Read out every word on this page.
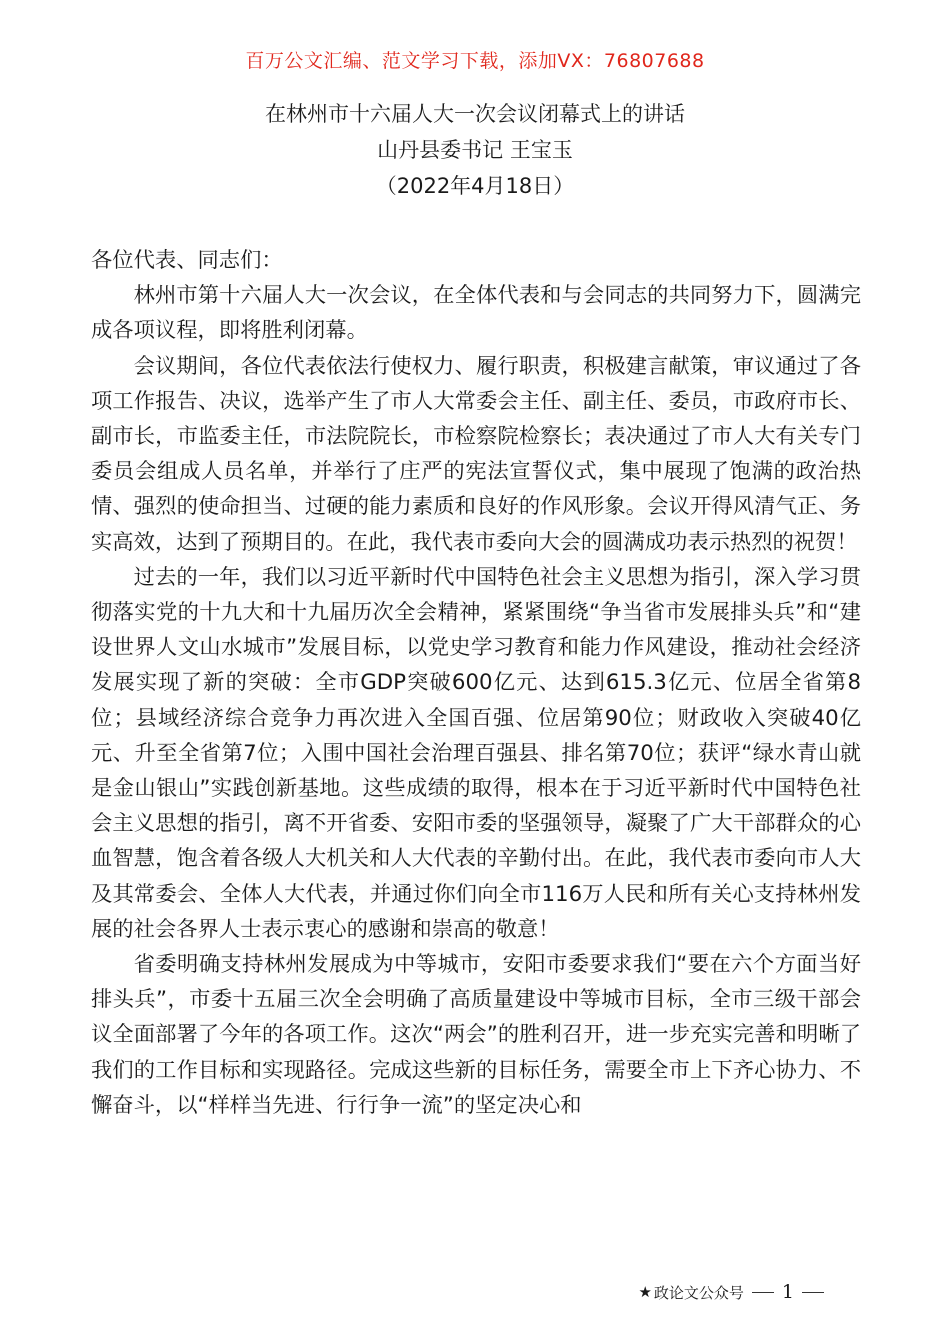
百万公文汇编、范文学习下载，添加VX：76807688
在林州市十六届人大一次会议闭幕式上的讲话
山丹县委书记 王宝玉
（2022年4月18日）

各位代表、同志们：

林州市第十六届人大一次会议，在全体代表和与会同志的共同努力下，圆满完成各项议程，即将胜利闭幕。

会议期间，各位代表依法行使权力、履行职责，积极建言献策，审议通过了各项工作报告、决议，选举产生了市人大常委会主任、副主任、委员，市政府市长、副市长，市监委主任，市法院院长，市检察院检察长；表决通过了市人大有关专门委员会组成人员名单，并举行了庄严的宪法宣誓仪式，集中展现了饱满的政治热情、强烈的使命担当、过硬的能力素质和良好的作风形象。会议开得风清气正、务实高效，达到了预期目的。在此，我代表市委向大会的圆满成功表示热烈的祝贺！

过去的一年，我们以习近平新时代中国特色社会主义思想为指引，深入学习贯彻落实党的十九大和十九届历次全会精神，紧紧围绕“争当省市发展排头兵”和“建设世界人文山水城市”发展目标，以党史学习教育和能力作风建设，推动社会经济发展实现了新的突破：全市GDP突破600亿元、达到615.3亿元、位居全省第8位；县域经济综合竞争力再次进入全国百强、位居第90位；财政收入突破40亿元、升至全省第7位；入围中国社会治理百强县、排名第70位；获评“绿水青山就是金山银山”实践创新基地。这些成绩的取得，根本在于习近平新时代中国特色社会主义思想的指引，离不开省委、安阳市委的坚强领导，凝聚了广大干部群众的心血智慧，饱含着各级人大机关和人大代表的辛勤付出。在此，我代表市委向市人大及其常委会、全体人大代表，并通过你们向全市116万人民和所有关心支持林州发展的社会各界人士表示衷心的感谢和崇高的敬意！

省委明确支持林州发展成为中等城市，安阳市委要求我们“要在六个方面当好排头兵”，市委十五届三次全会明确了高质量建设中等城市目标，全市三级干部会议全面部署了今年的各项工作。这次“两会”的胜利召开，进一步充实完善和明晰了我们的工作目标和实现路径。完成这些新的目标任务，需要全市上下齐心协力、不懈奋斗，以“样样当先进、行行争一流”的坚定决心和

★ 政论文公众号 1
